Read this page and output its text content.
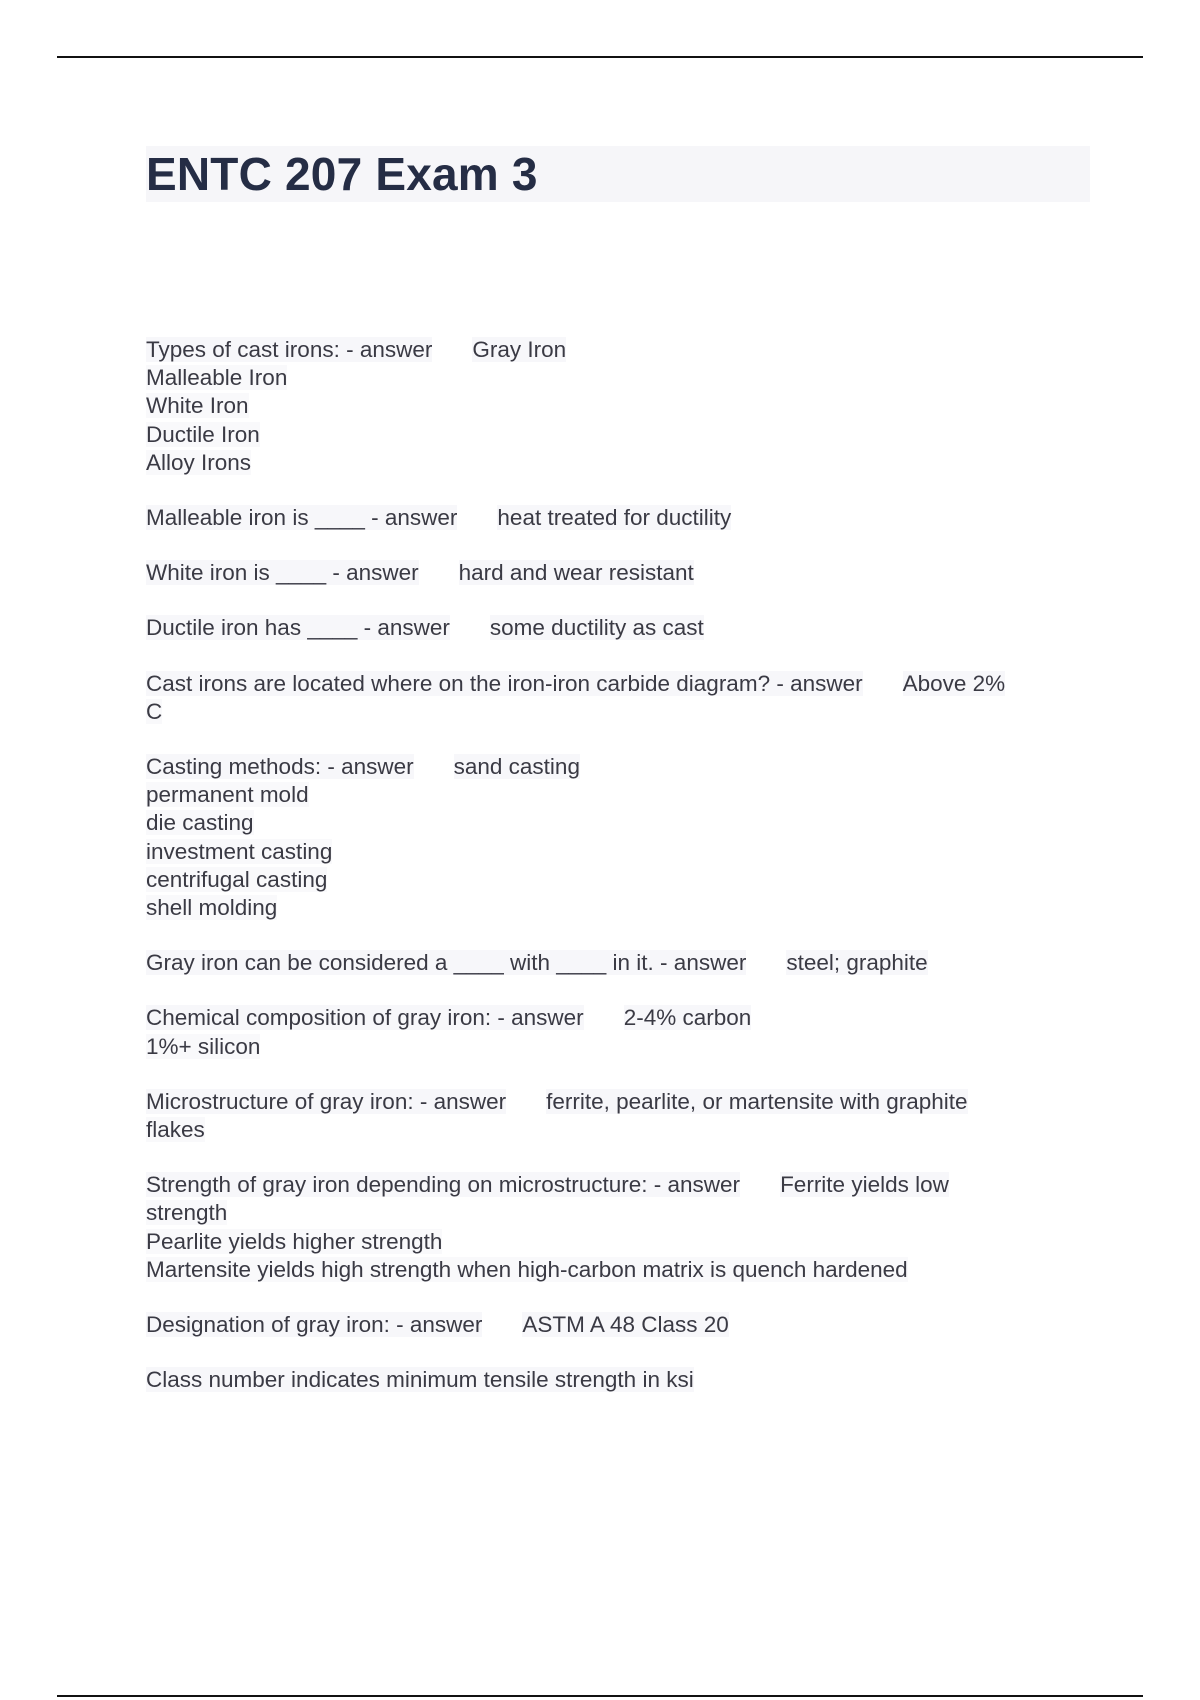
ENTC 207 Exam 3
Types of cast irons: - answer Gray Iron
Malleable Iron
White Iron
Ductile Iron
Alloy Irons
Malleable iron is ____ - answer heat treated for ductility
White iron is ____ - answer hard and wear resistant
Ductile iron has ____ - answer some ductility as cast
Cast irons are located where on the iron-iron carbide diagram? - answer Above 2%
C
Casting methods: - answer sand casting
permanent mold
die casting
investment casting
centrifugal casting
shell molding
Gray iron can be considered a ____ with ____ in it. - answer steel; graphite
Chemical composition of gray iron: - answer 2-4% carbon
1%+ silicon
Microstructure of gray iron: - answer ferrite, pearlite, or martensite with graphite
flakes
Strength of gray iron depending on microstructure: - answer Ferrite yields low
strength
Pearlite yields higher strength
Martensite yields high strength when high-carbon matrix is quench hardened
Designation of gray iron: - answer ASTM A 48 Class 20
Class number indicates minimum tensile strength in ksi
